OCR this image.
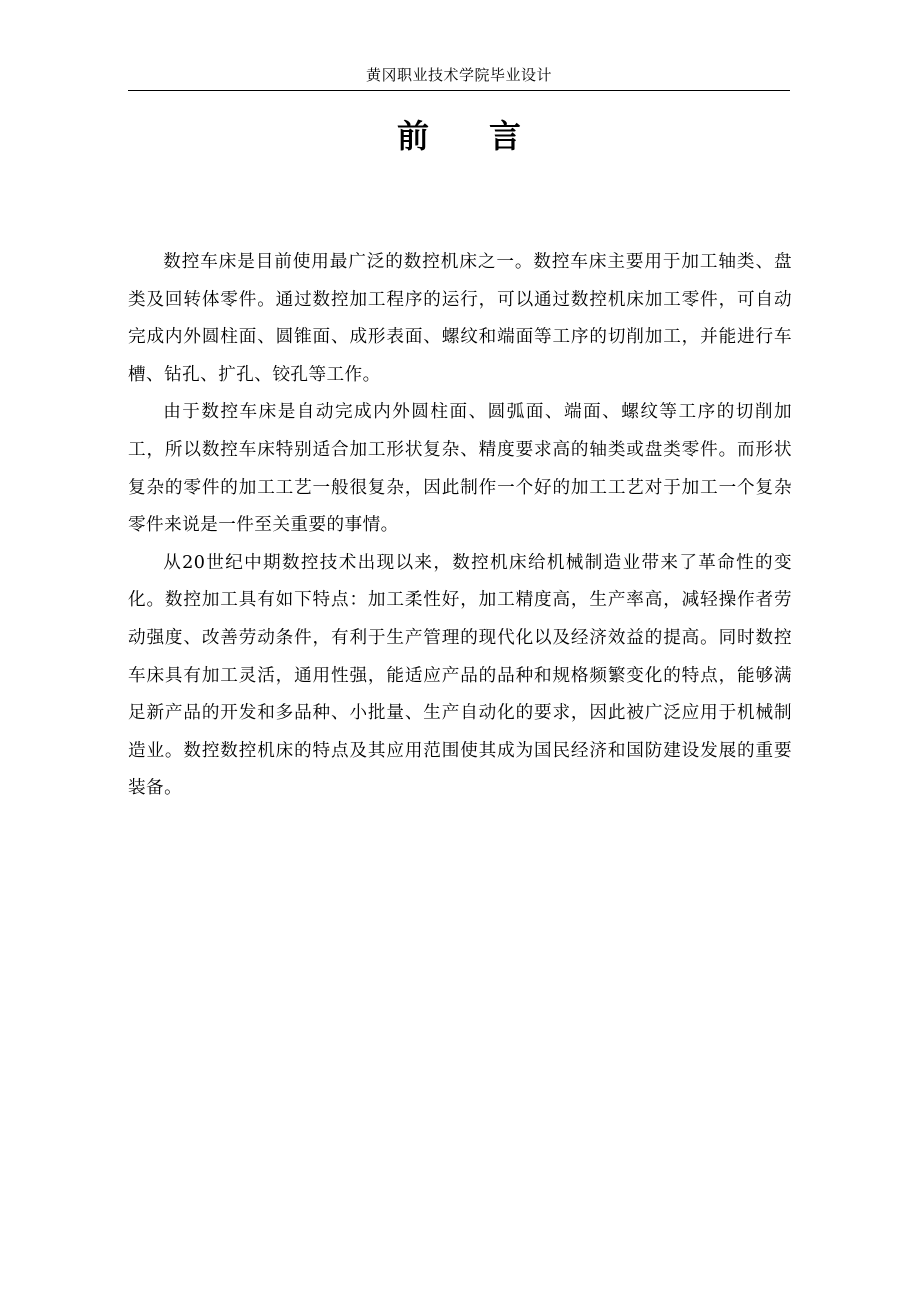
黄冈职业技术学院毕业设计
前 言

数控车床是目前使用最广泛的数控机床之一。数控车床主要用于加工轴类、盘类及回转体零件。通过数控加工程序的运行，可以通过数控机床加工零件，可自动完成内外圆柱面、圆锥面、成形表面、螺纹和端面等工序的切削加工，并能进行车槽、钻孔、扩孔、铰孔等工作。

由于数控车床是自动完成内外圆柱面、圆弧面、端面、螺纹等工序的切削加工，所以数控车床特别适合加工形状复杂、精度要求高的轴类或盘类零件。而形状复杂的零件的加工工艺一般很复杂，因此制作一个好的加工工艺对于加工一个复杂零件来说是一件至关重要的事情。

从20世纪中期数控技术出现以来，数控机床给机械制造业带来了革命性的变化。数控加工具有如下特点：加工柔性好，加工精度高，生产率高，减轻操作者劳动强度、改善劳动条件，有利于生产管理的现代化以及经济效益的提高。同时数控车床具有加工灵活，通用性强，能适应产品的品种和规格频繁变化的特点，能够满足新产品的开发和多品种、小批量、生产自动化的要求，因此被广泛应用于机械制造业。数控数控机床的特点及其应用范围使其成为国民经济和国防建设发展的重要装备。
